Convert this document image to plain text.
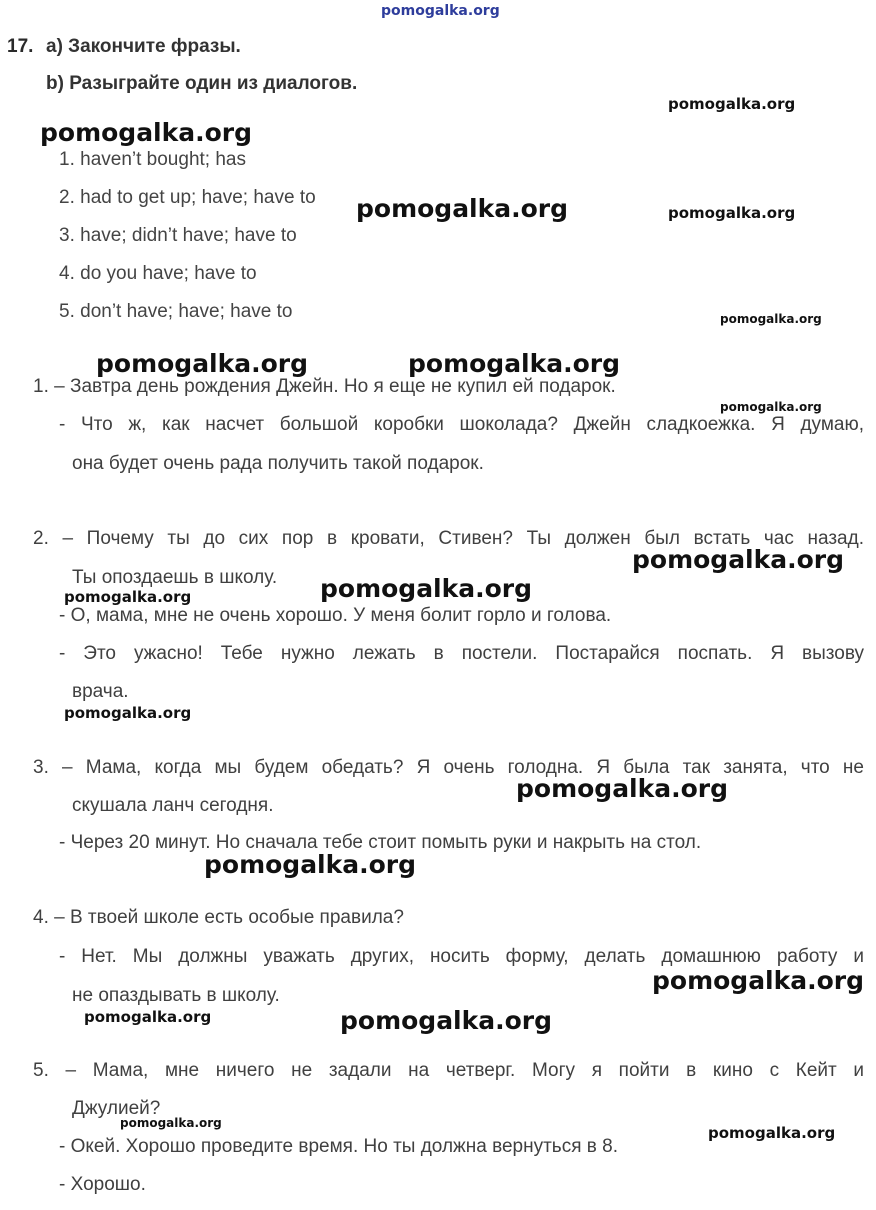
pomogalka.org
17. a) Закончите фразы.
b) Разыграйте один из диалогов.
1. haven’t bought; has
2. had to get up; have; have to
3. have; didn’t have; have to
4. do you have; have to
5. don’t have; have; have to
1. – Завтра день рождения Джейн. Но я еще не купил ей подарок.
- Что ж, как насчет большой коробки шоколада? Джейн сладкоежка. Я думаю,
она будет очень рада получить такой подарок.
2. – Почему ты до сих пор в кровати, Стивен? Ты должен был встать час назад.
Ты опоздаешь в школу.
- О, мама, мне не очень хорошо. У меня болит горло и голова.
- Это ужасно! Тебе нужно лежать в постели. Постарайся поспать. Я вызову
врача.
3. – Мама, когда мы будем обедать? Я очень голодна. Я была так занята, что не
скушала ланч сегодня.
- Через 20 минут. Но сначала тебе стоит помыть руки и накрыть на стол.
4. – В твоей школе есть особые правила?
- Нет. Мы должны уважать других, носить форму, делать домашнюю работу и
не опаздывать в школу.
5. – Мама, мне ничего не задали на четверг. Могу я пойти в кино с Кейт и
Джулией?
- Окей. Хорошо проведите время. Но ты должна вернуться в 8.
- Хорошо.
pomogalka.org
pomogalka.org
pomogalka.org	pomogalka.org
pomogalka.org
pomogalka.org	pomogalka.org
pomogalka.org
pomogalka.org
pomogalka.org
pomogalka.org
pomogalka.org
pomogalka.org
pomogalka.org
pomogalka.org
pomogalka.org	pomogalka.org
pomogalka.org
pomogalka.org
